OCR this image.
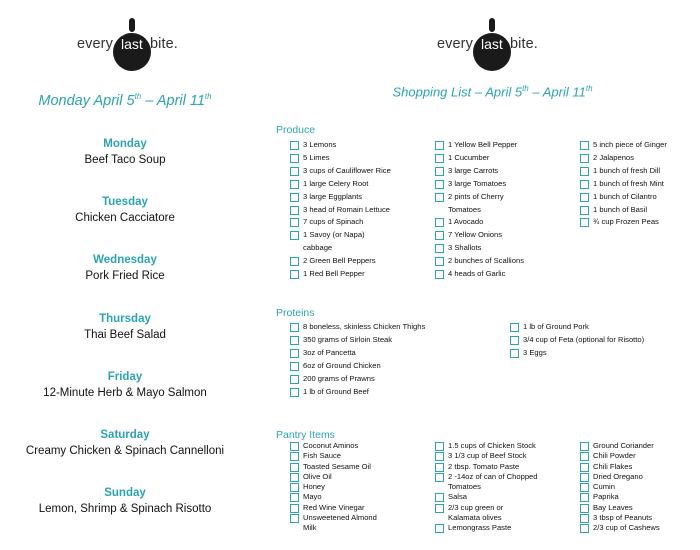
every last bite.	every last bite.
Monday April 5th – April 11th
Monday
Beef Taco Soup
Tuesday
Chicken Cacciatore
Wednesday
Pork Fried Rice
Thursday
Thai Beef Salad
Friday
12-Minute Herb & Mayo Salmon
Saturday
Creamy Chicken & Spinach Cannelloni
Sunday
Lemon, Shrimp & Spinach Risotto
Shopping List – April 5th – April 11th
Produce
Proteins
Pantry Items
3 Lemons
5 Limes
3 cups of Cauliflower Rice
1 large Celery Root
3 large Eggplants
3 head of Romain Lettuce
7 cups of Spinach
1 Savoy (or Napa)
cabbage
2 Green Bell Peppers
1 Red Bell Pepper
1 Yellow Bell Pepper
1 Cucumber
3 large Carrots
3 large Tomatoes
2 pints of Cherry
Tomatoes
1 Avocado
7 Yellow Onions
3 Shallots
2 bunches of Scallions
4 heads of Garlic
5 inch piece of Ginger
2 Jalapenos
1 bunch of fresh Dill
1 bunch of fresh Mint
1 bunch of Cilantro
1 bunch of Basil
¾ cup Frozen Peas
8 boneless, skinless Chicken Thighs
350 grams of Sirloin Steak
3oz of Pancetta
6oz of Ground Chicken
200 grams of Prawns
1 lb of Ground Beef
1 lb of Ground Pork
3/4 cup of Feta (optional for Risotto)
3 Eggs
Coconut Aminos
Fish Sauce
Toasted Sesame Oil
Olive Oil
Honey
Mayo
Red Wine Vinegar
Unsweetened Almond
Milk
1.5 cups of Chicken Stock
3 1/3 cup of Beef Stock
2 tbsp. Tomato Paste
2 -14oz of can of Chopped
Tomatoes
Salsa
2/3 cup green or
Kalamata olives
Lemongrass Paste
Ground Coriander
Chili Powder
Chili Flakes
Dried Oregano
Cumin
Paprika
Bay Leaves
3 tbsp of Peanuts
2/3 cup of Cashews
